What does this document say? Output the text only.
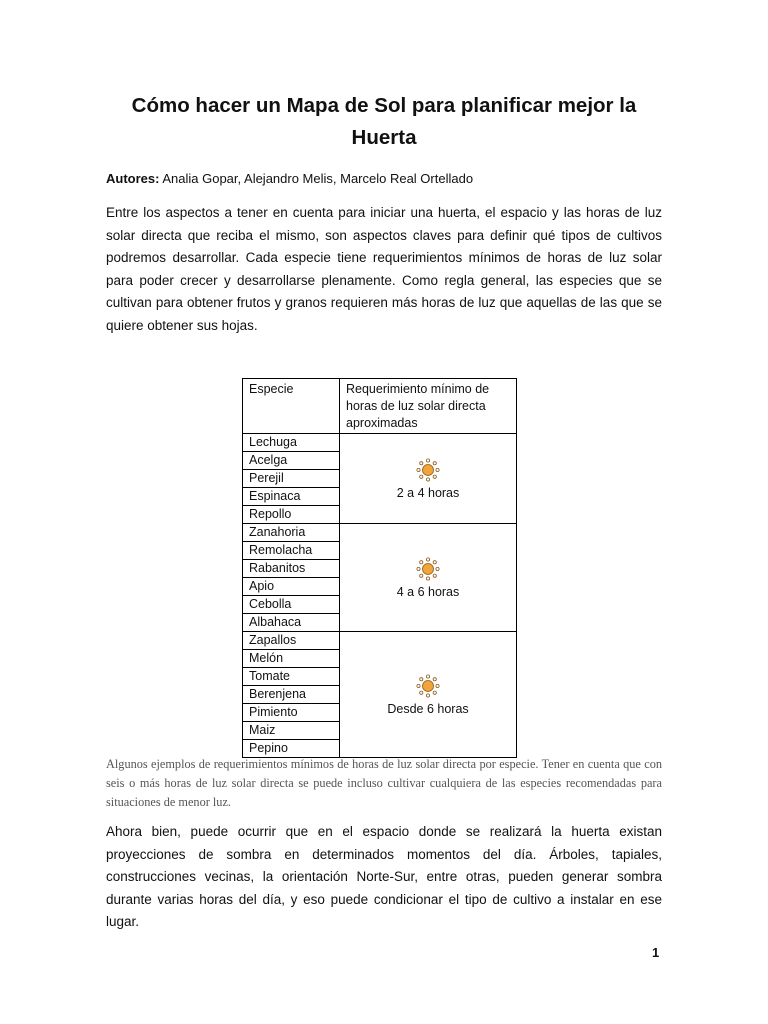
Cómo hacer un Mapa de Sol para planificar mejor la Huerta
Autores: Analia Gopar, Alejandro Melis, Marcelo Real Ortellado
Entre los aspectos a tener en cuenta para iniciar una huerta, el espacio y las horas de luz solar directa que reciba el mismo, son aspectos claves para definir qué tipos de cultivos podremos desarrollar. Cada especie tiene requerimientos mínimos de horas de luz solar para poder crecer y desarrollarse plenamente. Como regla general, las especies que se cultivan para obtener frutos y granos requieren más horas de luz que aquellas de las que se quiere obtener sus hojas.
Especie	Requerimiento mínimo de horas de luz solar directa aproximadas
Lechuga	2 a 4 horas

Acelga	
Perejil	
Espinaca	
Repollo	
Zanahoria	4 a 6 horas

Remolacha	
Rabanitos	
Apio	
Cebolla	
Albahaca	
Zapallos	Desde 6 horas

Melón	
Tomate	
Berenjena	
Pimiento	
Maiz	
Pepino	
Algunos ejemplos de requerimientos mínimos de horas de luz solar directa por especie. Tener en cuenta que con seis o más horas de luz solar directa se puede incluso cultivar cualquiera de las especies recomendadas para situaciones de menor luz.
Ahora bien, puede ocurrir que en el espacio donde se realizará la huerta existan proyecciones de sombra en determinados momentos del día. Árboles, tapiales, construcciones vecinas, la orientación Norte-Sur, entre otras, pueden generar sombra durante varias horas del día, y eso puede condicionar el tipo de cultivo a instalar en ese lugar.
1
